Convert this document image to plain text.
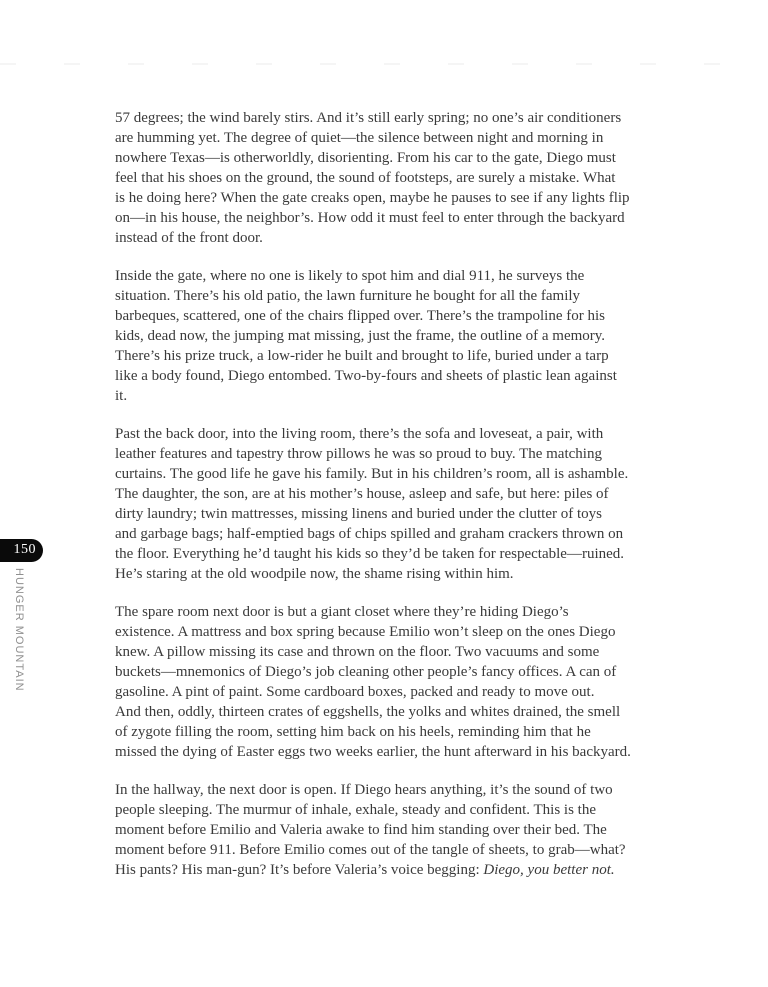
57 degrees; the wind barely stirs. And it’s still early spring; no one’s air conditioners
are humming yet. The degree of quiet—the silence between night and morning in
nowhere Texas—is otherworldly, disorienting. From his car to the gate, Diego must
feel that his shoes on the ground, the sound of footsteps, are surely a mistake. What
is he doing here? When the gate creaks open, maybe he pauses to see if any lights flip
on—in his house, the neighbor’s. How odd it must feel to enter through the backyard
instead of the front door.
Inside the gate, where no one is likely to spot him and dial 911, he surveys the
situation. There’s his old patio, the lawn furniture he bought for all the family
barbeques, scattered, one of the chairs flipped over. There’s the trampoline for his
kids, dead now, the jumping mat missing, just the frame, the outline of a memory.
There’s his prize truck, a low-rider he built and brought to life, buried under a tarp
like a body found, Diego entombed. Two-by-fours and sheets of plastic lean against
it.
Past the back door, into the living room, there’s the sofa and loveseat, a pair, with
leather features and tapestry throw pillows he was so proud to buy. The matching
curtains. The good life he gave his family. But in his children’s room, all is ashamble.
The daughter, the son, are at his mother’s house, asleep and safe, but here: piles of
dirty laundry; twin mattresses, missing linens and buried under the clutter of toys
and garbage bags; half-emptied bags of chips spilled and graham crackers thrown on
the floor. Everything he’d taught his kids so they’d be taken for respectable—ruined.
He’s staring at the old woodpile now, the shame rising within him.
The spare room next door is but a giant closet where they’re hiding Diego’s
existence. A mattress and box spring because Emilio won’t sleep on the ones Diego
knew. A pillow missing its case and thrown on the floor. Two vacuums and some
buckets—mnemonics of Diego’s job cleaning other people’s fancy offices. A can of
gasoline. A pint of paint. Some cardboard boxes, packed and ready to move out.
And then, oddly, thirteen crates of eggshells, the yolks and whites drained, the smell
of zygote filling the room, setting him back on his heels, reminding him that he
missed the dying of Easter eggs two weeks earlier, the hunt afterward in his backyard.
In the hallway, the next door is open. If Diego hears anything, it’s the sound of two
people sleeping. The murmur of inhale, exhale, steady and confident. This is the
moment before Emilio and Valeria awake to find him standing over their bed. The
moment before 911. Before Emilio comes out of the tangle of sheets, to grab—what?
His pants? His man-gun? It’s before Valeria’s voice begging: Diego, you better not.
150
HUNGER MOUNTAIN
